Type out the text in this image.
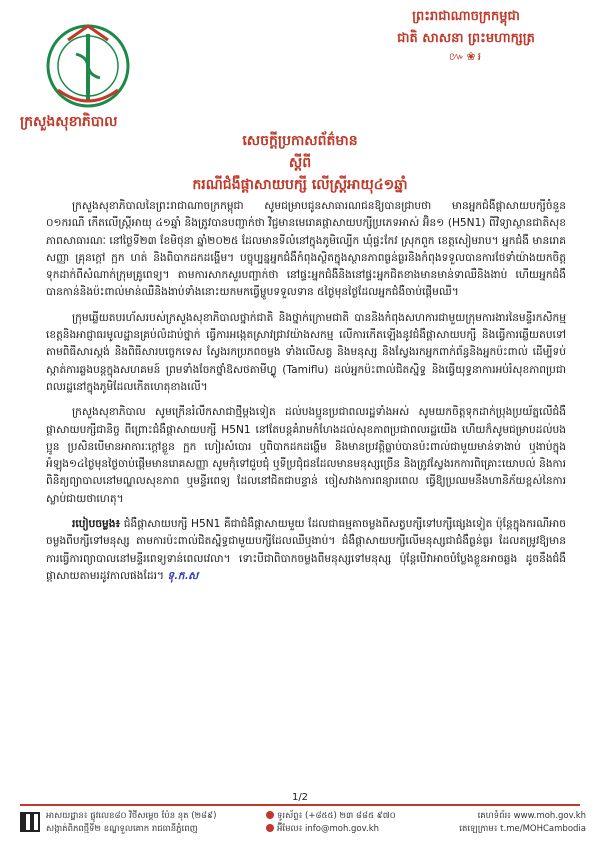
ព្រះរាជាណាចក្រកម្ពុជា
ជាតិ សាសនា ព្រះមហាក្សត្រ
៚❀៛
ក្រសួងសុខាភិបាល
សេចក្តីប្រកាសព័ត៌មាន
ស្តីពី
ករណីជំងឺផ្តាសាយបក្សី លើស្ត្រីអាយុ៤១ឆ្នាំ

ក្រសួងសុខាភិបាលនៃព្រះរាជាណាចក្រកម្ពុជា សូមជម្រាបជូនសាធារណជនឱ្យបានជ្រាបថា មានអ្នកជំងឺផ្តាសាយបក្សីចំនួន ០១ករណី កើតលើស្ត្រីអាយុ ៤១ឆ្នាំ និងត្រូវបានបញ្ជាក់ថា វិជ្ជមានមេរោគផ្តាសាយបក្សីប្រភេទអាស់ អ៊ិន១ (H5N1) ពីវិទ្យាស្ថានជាតិសុខភាពសាធារណៈ នៅថ្ងៃទី២៣ ខែមិថុនា ឆ្នាំ២០២៥ ដែលមានទីលំនៅក្នុងភូមិល្បើក ឃុំផ្ទះកែវ ស្រុកពួក ខេត្តសៀមរាប។ អ្នកជំងឺ មានរោគសញ្ញា គ្រុនក្តៅ ក្អក ហត់ និងពិបាកដកដង្ហើម។ បច្ចុប្បន្នអ្នកជំងឺកំពុងស្ថិតក្នុងស្ថានភាពធ្ងន់ធ្ងរនិងកំពុងទទួលបានការថែទាំយ៉ាងយកចិត្តទុកដាក់ពីសំណាក់ក្រុមគ្រូពេទ្យ។ តាមការសាកសួរបញ្ជាក់ថា នៅផ្ទះអ្នកជំងឺនិងនៅផ្ទះអ្នកជិតខាងមានមាន់ទាឈឺនិងងាប់ ហើយអ្នកជំងឺបានកាន់និងប៉ះពាល់មាន់ឈឺនិងងាប់ទាំងនោះយកមកធ្វើម្ហូបទទួលទាន ៥ថ្ងៃមុនថ្ងៃដែលអ្នកជំងឺចាប់ផ្តើមឈឺ។

ក្រុមឆ្លើយតបរហ័សរបស់ក្រសួងសុខាភិបាលថ្នាក់ជាតិ និងថ្នាក់ក្រោមជាតិ បាននិងកំពុងសហការជាមួយក្រុមការងារនៃមន្ទីរកសិកម្មខេត្តនិងអាជ្ញាធរមូលដ្ឋានគ្រប់លំដាប់ថ្នាក់ ធ្វើការអង្កេតស្រាវជ្រាវយ៉ាងសកម្ម លើការកើតឡើងនូវជំងឺផ្តាសាយបក្សី និងធ្វើការឆ្លើយតបទៅតាមពិធីសារស្តង់ និងពិធីសារបច្ចេកទេស ស្វែងរកប្រភពចម្លង ទាំងលើសត្វ និងមនុស្ស និងស្វែងរកអ្នកពាក់ព័ន្ធនិងអ្នកប៉ះពាល់ ដើម្បីទប់ស្កាត់ការឆ្លងបន្តក្នុងសហគមន៍ ព្រមទាំងចែកថ្នាំឱសថតាមីហ្វ្លូ (Tamiflu) ដល់អ្នកប៉ះពាល់ជិតស្និទ្ធ និងធ្វើយុទ្ធនាការអប់រំសុខភាពប្រជាពលរដ្ឋនៅក្នុងភូមិដែលកើតហេតុខាងលើ។

ក្រសួងសុខាភិបាល សូមក្រើនរំលឹកសាជាថ្មីម្តងទៀត ដល់បងប្អូនប្រជាពលរដ្ឋទាំងអស់ សូមយកចិត្តទុកដាក់ប្រុងប្រយ័ត្នលើជំងឺផ្តាសាយបក្សីជានិច្ច ពីព្រោះជំងឺផ្តាសាយបក្សី H5N1 នៅតែបន្តគំរាមកំហែងដល់សុខភាពប្រជាពលរដ្ឋយើង ហើយក៏សូមជម្រាបដល់បងប្អូន ប្រសិនបើមានអាការៈក្តៅខ្លួន ក្អក ហៀរសំបោរ ឬពិបាកដកដង្ហើម និងមានប្រវត្តិធ្លាប់បានប៉ះពាល់ជាមួយមាន់ទាងាប់ ឬងាប់ក្នុងអំឡុង១៤ថ្ងៃមុនថ្ងៃចាប់ផ្តើមមានរោគសញ្ញា សូមកុំទៅជួបជុំ ឬទីប្រជុំជនដែលមានមនុស្សច្រើន និងត្រូវស្វែងរកការពិគ្រោះយោបល់ និងការពិនិត្យព្យាបាលនៅមណ្ឌលសុខភាព ឬមន្ទីរពេទ្យ ដែលនៅជិតជាបន្ទាន់ ចៀសវាងការពន្យារពេល ធ្វើឱ្យប្រឈមនឹងហានិភ័យខ្ពស់នៃការស្លាប់ជាយថាហេតុ។

របៀបចម្លង៖ ជំងឺផ្តាសាយបក្សី H5N1 គឺជាជំងឺផ្តាសាយមួយ ដែលជាធម្មតាចម្លងពីសត្វបក្សីទៅបក្សីផ្សេងទៀត ប៉ុន្តែក្នុងករណីអាចចម្លងពីបក្សីទៅមនុស្ស តាមការប៉ះពាល់ជិតស្និទ្ធជាមួយបក្សីដែលឈឺឬងាប់។ ជំងឺផ្តាសាយបក្សីលើមនុស្សជាជំងឺធ្ងន់ធ្ងរ ដែលតម្រូវឱ្យមានការធ្វើការព្យាបាលនៅមន្ទីរពេទ្យទាន់ពេលវេលា។ ទោះបីជាពិបាកចម្លងពីមនុស្សទៅមនុស្ស ប៉ុន្តែបើវាអាចបំប្លែងខ្លួនអាចឆ្លង ដូចនឹងជំងឺផ្តាសាយតាមរដូវកាលផងដែរ។ ទុ.ក.ស

1/2
អាសយដ្ឋាន៖ ផ្លូវលេខ៨០ វិថីសម្តេច ប៉ែន នុត (២៨៩)
សង្កាត់ពិភពថ្មីទី២ ខណ្ឌទួលគោក រាជធានីភ្នំពេញ
ទូរស័ព្ទ៖ (+៨៥៥) ២៣ ៨៨៥ ៩៧០
អ៊ីមែល៖ info@moh.gov.kh
គេហទំព័រ៖ www.moh.gov.kh
តេឡេក្រាម៖ t.me/MOHCambodia
